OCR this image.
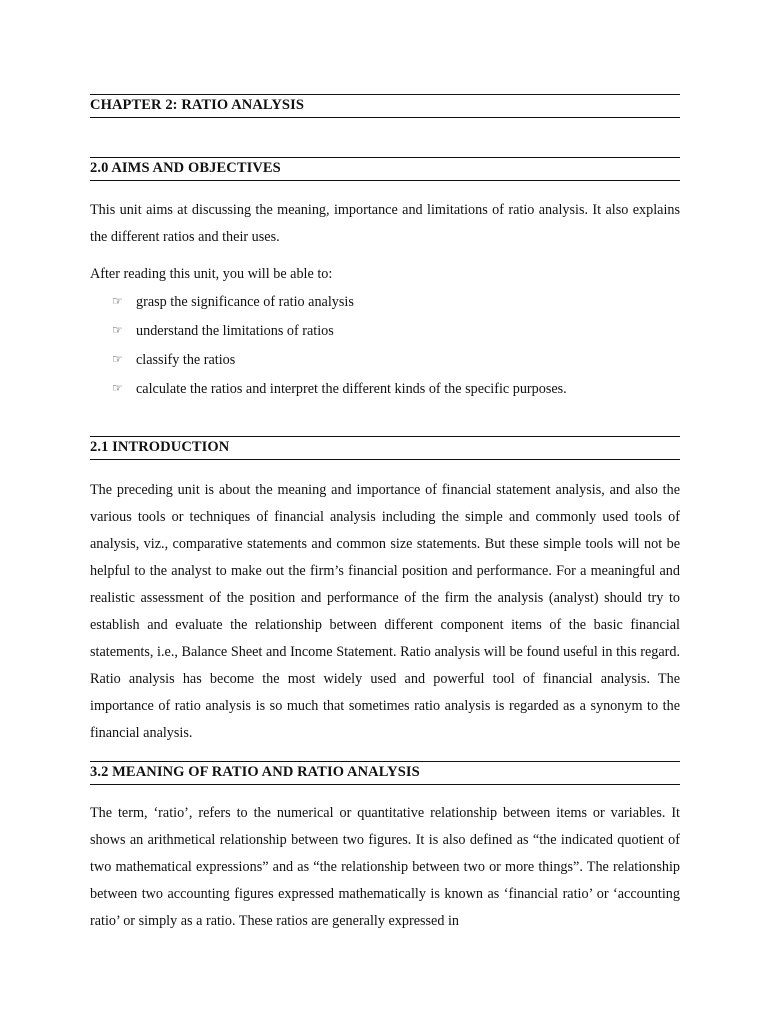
CHAPTER 2: RATIO ANALYSIS
2.0 AIMS AND OBJECTIVES
This unit aims at discussing the meaning, importance and limitations of ratio analysis. It also explains the different ratios and their uses.
After reading this unit, you will be able to:
☞ grasp the significance of ratio analysis
☞ understand the limitations of ratios
☞ classify the ratios
☞ calculate the ratios and interpret the different kinds of the specific purposes.
2.1 INTRODUCTION
The preceding unit is about the meaning and importance of financial statement analysis, and also the various tools or techniques of financial analysis including the simple and commonly used tools of analysis, viz., comparative statements and common size statements. But these simple tools will not be helpful to the analyst to make out the firm’s financial position and performance. For a meaningful and realistic assessment of the position and performance of the firm the analysis (analyst) should try to establish and evaluate the relationship between different component items of the basic financial statements, i.e., Balance Sheet and Income Statement. Ratio analysis will be found useful in this regard. Ratio analysis has become the most widely used and powerful tool of financial analysis. The importance of ratio analysis is so much that sometimes ratio analysis is regarded as a synonym to the financial analysis.
3.2 MEANING OF RATIO AND RATIO ANALYSIS
The term, ‘ratio’, refers to the numerical or quantitative relationship between items or variables. It shows an arithmetical relationship between two figures. It is also defined as “the indicated quotient of two mathematical expressions” and as “the relationship between two or more things”. The relationship between two accounting figures expressed mathematically is known as ‘financial ratio’ or ‘accounting ratio’ or simply as a ratio. These ratios are generally expressed in
